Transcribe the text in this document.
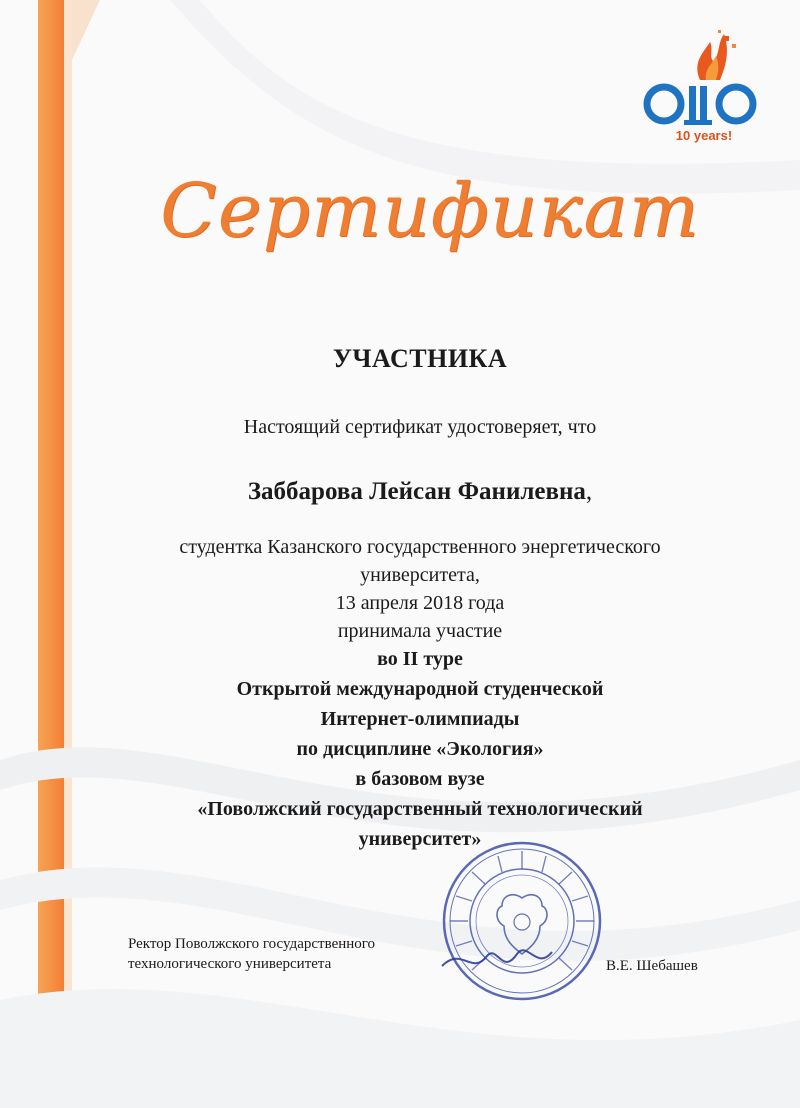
10 years!
Сертификат
УЧАСТНИКА
Настоящий сертификат удостоверяет, что
Заббарова Лейсан Фанилевна,
студентка Казанского государственного энергетического
университета,
13 апреля 2018 года
принимала участие
во II туре
Открытой международной студенческой
Интернет-олимпиады
по дисциплине «Экология»
в базовом вузе
«Поволжский государственный технологический
университет»
Ректор Поволжского государственного
технологического университета	В.Е. Шебашев
